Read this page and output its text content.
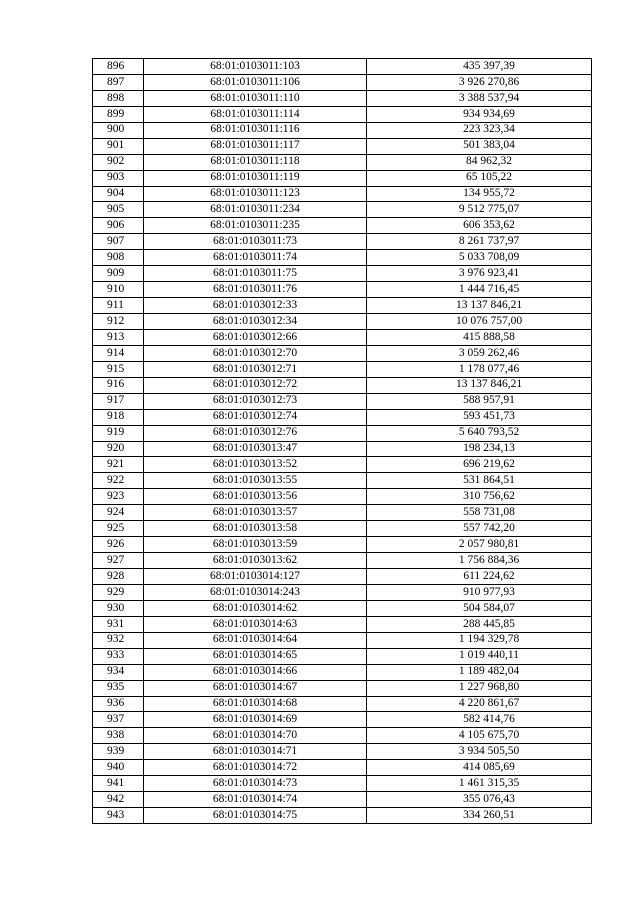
896	68:01:0103011:103	435 397,39
897	68:01:0103011:106	3 926 270,86
898	68:01:0103011:110	3 388 537,94
899	68:01:0103011:114	934 934,69
900	68:01:0103011:116	223 323,34
901	68:01:0103011:117	501 383,04
902	68:01:0103011:118	84 962,32
903	68:01:0103011:119	65 105,22
904	68:01:0103011:123	134 955,72
905	68:01:0103011:234	9 512 775,07
906	68:01:0103011:235	606 353,62
907	68:01:0103011:73	8 261 737,97
908	68:01:0103011:74	5 033 708,09
909	68:01:0103011:75	3 976 923,41
910	68:01:0103011:76	1 444 716,45
911	68:01:0103012:33	13 137 846,21
912	68:01:0103012:34	10 076 757,00
913	68:01:0103012:66	415 888,58
914	68:01:0103012:70	3 059 262,46
915	68:01:0103012:71	1 178 077,46
916	68:01:0103012:72	13 137 846,21
917	68:01:0103012:73	588 957,91
918	68:01:0103012:74	593 451,73
919	68:01:0103012:76	5 640 793,52
920	68:01:0103013:47	198 234,13
921	68:01:0103013:52	696 219,62
922	68:01:0103013:55	531 864,51
923	68:01:0103013:56	310 756,62
924	68:01:0103013:57	558 731,08
925	68:01:0103013:58	557 742,20
926	68:01:0103013:59	2 057 980,81
927	68:01:0103013:62	1 756 884,36
928	68:01:0103014:127	611 224,62
929	68:01:0103014:243	910 977,93
930	68:01:0103014:62	504 584,07
931	68:01:0103014:63	288 445,85
932	68:01:0103014:64	1 194 329,78
933	68:01:0103014:65	1 019 440,11
934	68:01:0103014:66	1 189 482,04
935	68:01:0103014:67	1 227 968,80
936	68:01:0103014:68	4 220 861,67
937	68:01:0103014:69	582 414,76
938	68:01:0103014:70	4 105 675,70
939	68:01:0103014:71	3 934 505,50
940	68:01:0103014:72	414 085,69
941	68:01:0103014:73	1 461 315,35
942	68:01:0103014:74	355 076,43
943	68:01:0103014:75	334 260,51
